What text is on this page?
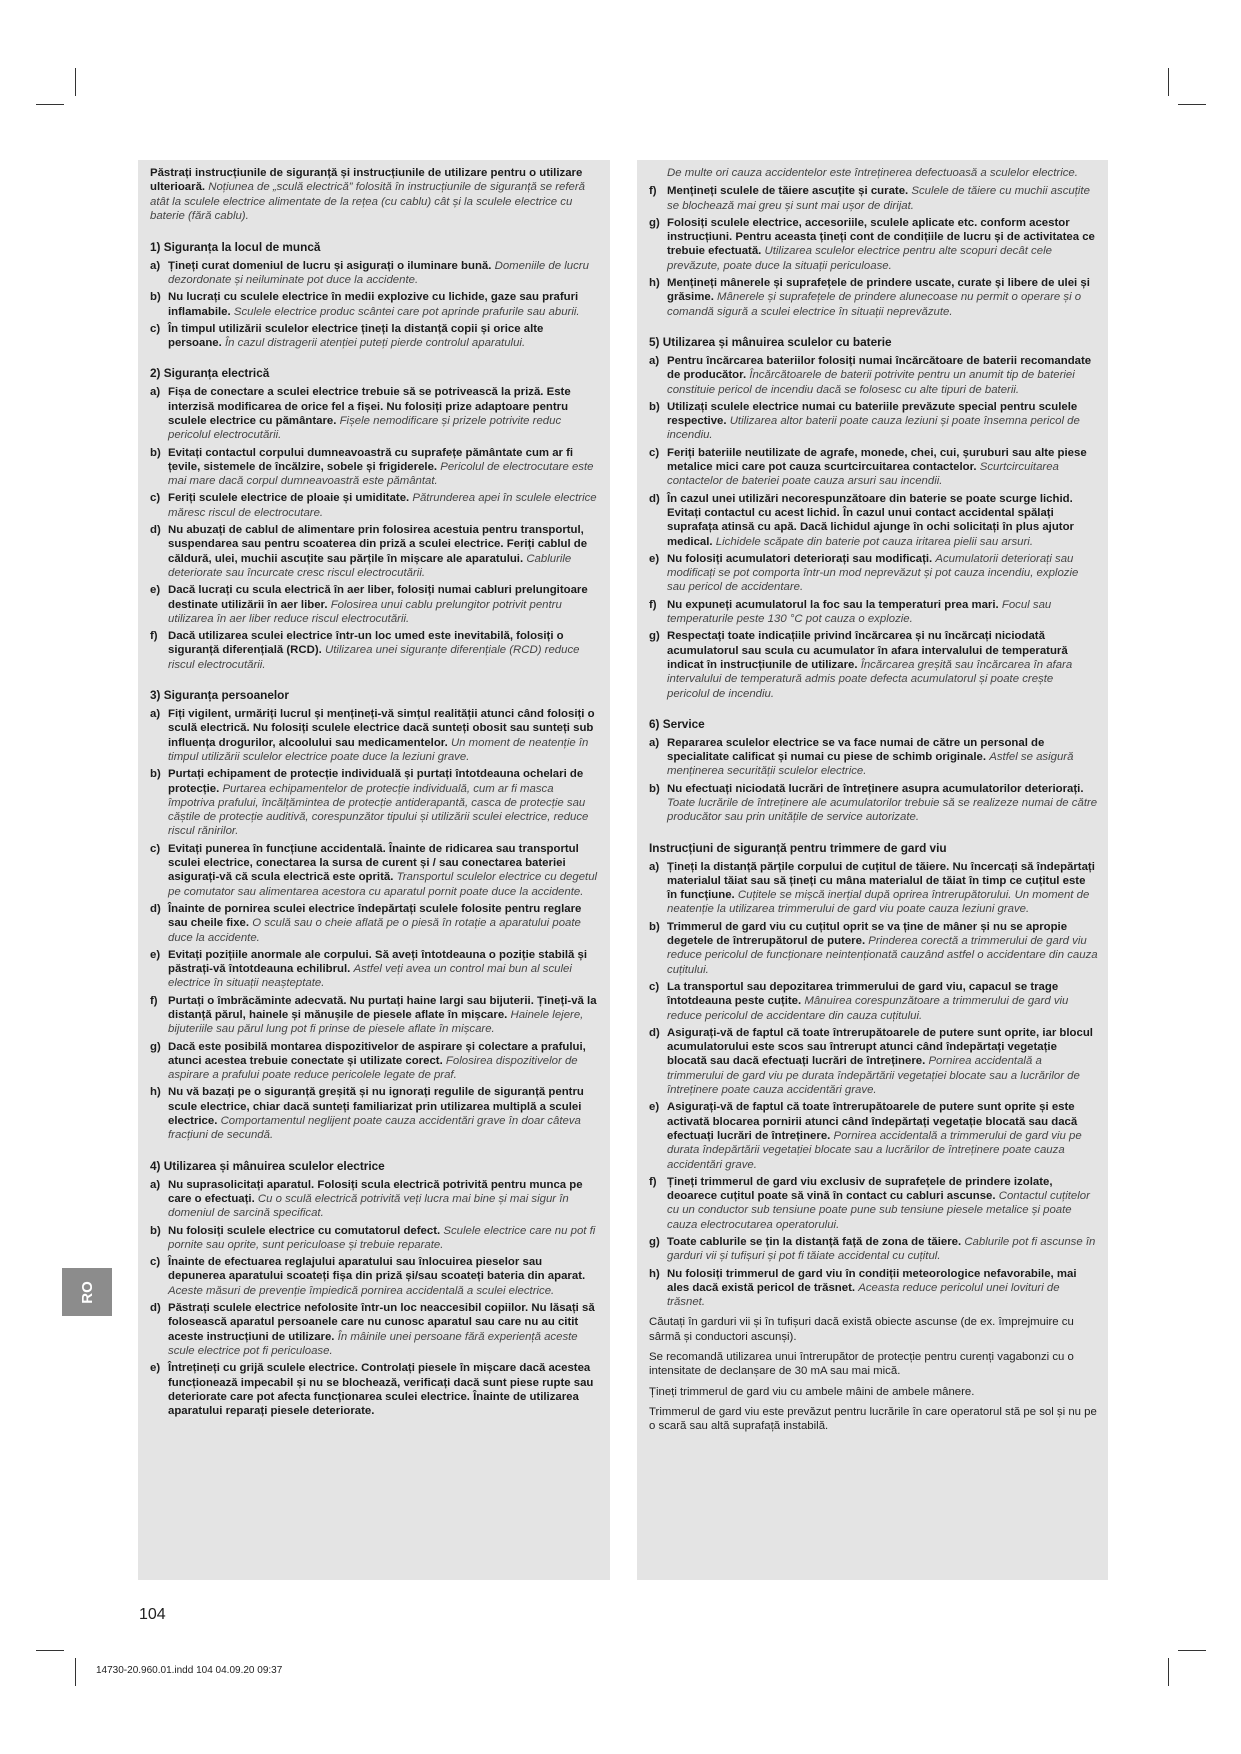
Păstrați instrucțiunile de siguranță și instrucțiunile de utilizare pentru o utilizare ulterioară. Noțiunea de „sculă electrică” folosită în instrucțiunile de siguranță se referă atât la sculele electrice alimentate de la rețea (cu cablu) cât și la sculele electrice cu baterie (fără cablu).

1) Siguranța la locul de muncă
a) Țineți curat domeniul de lucru și asigurați o iluminare bună. Domeniile de lucru dezordonate și neiluminate pot duce la accidente.
b) Nu lucrați cu sculele electrice în medii explozive cu lichide, gaze sau prafuri inflamabile. Sculele electrice produc scântei care pot aprinde prafurile sau aburii.
c) În timpul utilizării sculelor electrice țineți la distanță copii și orice alte persoane. În cazul distragerii atenției puteți pierde controlul aparatului.
2) Siguranța electrică
a) Fișa de conectare a sculei electrice trebuie să se potrivească la priză. Este interzisă modificarea de orice fel a fișei. Nu folosiți prize adaptoare pentru sculele electrice cu pământare. Fișele nemodificare și prizele potrivite reduc pericolul electrocutării.
b) Evitați contactul corpului dumneavoastră cu suprafețe pământate cum ar fi țevile, sistemele de încălzire, sobele și frigiderele. Pericolul de electrocutare este mai mare dacă corpul dumneavoastră este pământat.
c) Feriți sculele electrice de ploaie și umiditate. Pătrunderea apei în sculele electrice măresc riscul de electrocutare.
d) Nu abuzați de cablul de alimentare prin folosirea acestuia pentru transportul, suspendarea sau pentru scoaterea din priză a sculei electrice. Feriți cablul de căldură, ulei, muchii ascuțite sau părțile în mișcare ale aparatului. Cablurile deteriorate sau încurcate cresc riscul electrocutării.
e) Dacă lucrați cu scula electrică în aer liber, folosiți numai cabluri prelungitoare destinate utilizării în aer liber. Folosirea unui cablu prelungitor potrivit pentru utilizarea în aer liber reduce riscul electrocutării.
f) Dacă utilizarea sculei electrice într-un loc umed este inevitabilă, folosiți o siguranță diferențială (RCD). Utilizarea unei siguranțe diferențiale (RCD) reduce riscul electrocutării.
3) Siguranța persoanelor
a) Fiți vigilent, urmăriți lucrul și mențineți-vă simțul realității atunci când folosiți o sculă electrică. Nu folosiți sculele electrice dacă sunteți obosit sau sunteți sub influența drogurilor, alcoolului sau medicamentelor. Un moment de neatenție în timpul utilizării sculelor electrice poate duce la leziuni grave.
b) Purtați echipament de protecție individuală și purtați întotdeauna ochelari de protecție. Purtarea echipamentelor de protecție individuală, cum ar fi masca împotriva prafului, încălțămintea de protecție antiderapantă, casca de protecție sau căștile de protecție auditivă, corespunzător tipului și utilizării sculei electrice, reduce riscul rănirilor.
c) Evitați punerea în funcțiune accidentală. Înainte de ridicarea sau transportul sculei electrice, conectarea la sursa de curent și / sau conectarea bateriei asigurați-vă că scula electrică este oprită. Transportul sculelor electrice cu degetul pe comutator sau alimentarea acestora cu aparatul pornit poate duce la accidente.
d) Înainte de pornirea sculei electrice îndepărtați sculele folosite pentru reglare sau cheile fixe. O sculă sau o cheie aflată pe o piesă în rotație a aparatului poate duce la accidente.
e) Evitați pozițiile anormale ale corpului. Să aveți întotdeauna o poziție stabilă și păstrați-vă întotdeauna echilibrul. Astfel veți avea un control mai bun al sculei electrice în situații neașteptate.
f) Purtați o îmbrăcăminte adecvată. Nu purtați haine largi sau bijuterii. Țineți-vă la distanță părul, hainele și mănușile de piesele aflate în mișcare. Hainele lejere, bijuteriile sau părul lung pot fi prinse de piesele aflate în mișcare.
g) Dacă este posibilă montarea dispozitivelor de aspirare și colectare a prafului, atunci acestea trebuie conectate și utilizate corect. Folosirea dispozitivelor de aspirare a prafului poate reduce pericolele legate de praf.
h) Nu vă bazați pe o siguranță greșită și nu ignorați regulile de siguranță pentru scule electrice, chiar dacă sunteți familiarizat prin utilizarea multiplă a sculei electrice. Comportamentul neglijent poate cauza accidentări grave în doar câteva fracțiuni de secundă.
4) Utilizarea și mânuirea sculelor electrice
a) Nu suprasolicitați aparatul. Folosiți scula electrică potrivită pentru munca pe care o efectuați. Cu o sculă electrică potrivită veți lucra mai bine și mai sigur în domeniul de sarcină specificat.
b) Nu folosiți sculele electrice cu comutatorul defect. Sculele electrice care nu pot fi pornite sau oprite, sunt periculoase și trebuie reparate.
c) Înainte de efectuarea reglajului aparatului sau înlocuirea pieselor sau depunerea aparatului scoateți fișa din priză și/sau scoateți bateria din aparat. Aceste măsuri de prevenție împiedică pornirea accidentală a sculei electrice.
d) Păstrați sculele electrice nefolosite într-un loc neaccesibil copiilor. Nu lăsați să folosească aparatul persoanele care nu cunosc aparatul sau care nu au citit aceste instrucțiuni de utilizare. În mâinile unei persoane fără experiență aceste scule electrice pot fi periculoase.
e) Întrețineți cu grijă sculele electrice. Controlați piesele în mișcare dacă acestea funcționează impecabil și nu se blochează, verificați dacă sunt piese rupte sau deteriorate care pot afecta funcționarea sculei electrice. Înainte de utilizarea aparatului reparați piesele deteriorate.

De multe ori cauza accidentelor este întreținerea defectuoasă a sculelor electrice.

f) Mențineți sculele de tăiere ascuțite și curate. Sculele de tăiere cu muchii ascuțite se blochează mai greu și sunt mai ușor de dirijat.
g) Folosiți sculele electrice, accesoriile, sculele aplicate etc. conform acestor instrucțiuni. Pentru aceasta țineți cont de condițiile de lucru și de activitatea ce trebuie efectuată. Utilizarea sculelor electrice pentru alte scopuri decât cele prevăzute, poate duce la situații periculoase.
h) Mențineți mânerele și suprafețele de prindere uscate, curate și libere de ulei și grăsime. Mânerele și suprafețele de prindere alunecoase nu permit o operare și o comandă sigură a sculei electrice în situații neprevăzute.
5) Utilizarea și mânuirea sculelor cu baterie
a) Pentru încărcarea bateriilor folosiți numai încărcătoare de baterii recomandate de producător. Încărcătoarele de baterii potrivite pentru un anumit tip de bateriei constituie pericol de incendiu dacă se folosesc cu alte tipuri de baterii.
b) Utilizați sculele electrice numai cu bateriile prevăzute special pentru sculele respective. Utilizarea altor baterii poate cauza leziuni și poate însemna pericol de incendiu.
c) Feriți bateriile neutilizate de agrafe, monede, chei, cui, șuruburi sau alte piese metalice mici care pot cauza scurtcircuitarea contactelor. Scurtcircuitarea contactelor de bateriei poate cauza arsuri sau incendii.
d) În cazul unei utilizări necorespunzătoare din baterie se poate scurge lichid. Evitați contactul cu acest lichid. În cazul unui contact accidental spălați suprafața atinsă cu apă. Dacă lichidul ajunge în ochi solicitați în plus ajutor medical. Lichidele scăpate din baterie pot cauza iritarea pielii sau arsuri.
e) Nu folosiți acumulatori deteriorați sau modificați. Acumulatorii deteriorați sau modificați se pot comporta într-un mod neprevăzut și pot cauza incendiu, explozie sau pericol de accidentare.
f) Nu expuneți acumulatorul la foc sau la temperaturi prea mari. Focul sau temperaturile peste 130 °C pot cauza o explozie.
g) Respectați toate indicațiile privind încărcarea și nu încărcați niciodată acumulatorul sau scula cu acumulator în afara intervalului de temperatură indicat în instrucțiunile de utilizare. Încărcarea greșită sau încărcarea în afara intervalului de temperatură admis poate defecta acumulatorul și poate crește pericolul de incendiu.
6) Service
a) Repararea sculelor electrice se va face numai de către un personal de specialitate calificat și numai cu piese de schimb originale. Astfel se asigură menținerea securității sculelor electrice.
b) Nu efectuați niciodată lucrări de întreținere asupra acumulatorilor deteriorați. Toate lucrările de întreținere ale acumulatorilor trebuie să se realizeze numai de către producător sau prin unitățile de service autorizate.
Instrucțiuni de siguranță pentru trimmere de gard viu
a) Țineți la distanță părțile corpului de cuțitul de tăiere. Nu încercați să îndepărtați materialul tăiat sau să țineți cu mâna materialul de tăiat în timp ce cuțitul este în funcțiune. Cuțitele se mișcă inerțial după oprirea întrerupătorului. Un moment de neatenție la utilizarea trimmerului de gard viu poate cauza leziuni grave.
b) Trimmerul de gard viu cu cuțitul oprit se va ține de mâner și nu se apropie degetele de întrerupătorul de putere. Prinderea corectă a trimmerului de gard viu reduce pericolul de funcționare neintenționată cauzând astfel o accidentare din cauza cuțitului.
c) La transportul sau depozitarea trimmerului de gard viu, capacul se trage întotdeauna peste cuțite. Mânuirea corespunzătoare a trimmerului de gard viu reduce pericolul de accidentare din cauza cuțitului.
d) Asigurați-vă de faptul că toate întrerupătoarele de putere sunt oprite, iar blocul acumulatorului este scos sau întrerupt atunci când îndepărtați vegetație blocată sau dacă efectuați lucrări de întreținere. Pornirea accidentală a trimmerului de gard viu pe durata îndepărtării vegetației blocate sau a lucrărilor de întreținere poate cauza accidentări grave.
e) Asigurați-vă de faptul că toate întrerupătoarele de putere sunt oprite și este activată blocarea pornirii atunci când îndepărtați vegetație blocată sau dacă efectuați lucrări de întreținere. Pornirea accidentală a trimmerului de gard viu pe durata îndepărtării vegetației blocate sau a lucrărilor de întreținere poate cauza accidentări grave.
f) Țineți trimmerul de gard viu exclusiv de suprafețele de prindere izolate, deoarece cuțitul poate să vină în contact cu cabluri ascunse. Contactul cuțitelor cu un conductor sub tensiune poate pune sub tensiune piesele metalice și poate cauza electrocutarea operatorului.
g) Toate cablurile se țin la distanță față de zona de tăiere. Cablurile pot fi ascunse în garduri vii și tufișuri și pot fi tăiate accidental cu cuțitul.
h) Nu folosiți trimmerul de gard viu în condiții meteorologice nefavorabile, mai ales dacă există pericol de trăsnet. Aceasta reduce pericolul unei lovituri de trăsnet.

Căutați în garduri vii și în tufișuri dacă există obiecte ascunse (de ex. împrejmuire cu sârmă și conductori ascunși).

Se recomandă utilizarea unui întrerupător de protecție pentru curenți vagabonzi cu o intensitate de declanșare de 30 mA sau mai mică.

Țineți trimmerul de gard viu cu ambele mâini de ambele mânere.

Trimmerul de gard viu este prevăzut pentru lucrările în care operatorul stă pe sol și nu pe o scară sau altă suprafață instabilă.

RO
104
14730-20.960.01.indd 104 04.09.20 09:37
